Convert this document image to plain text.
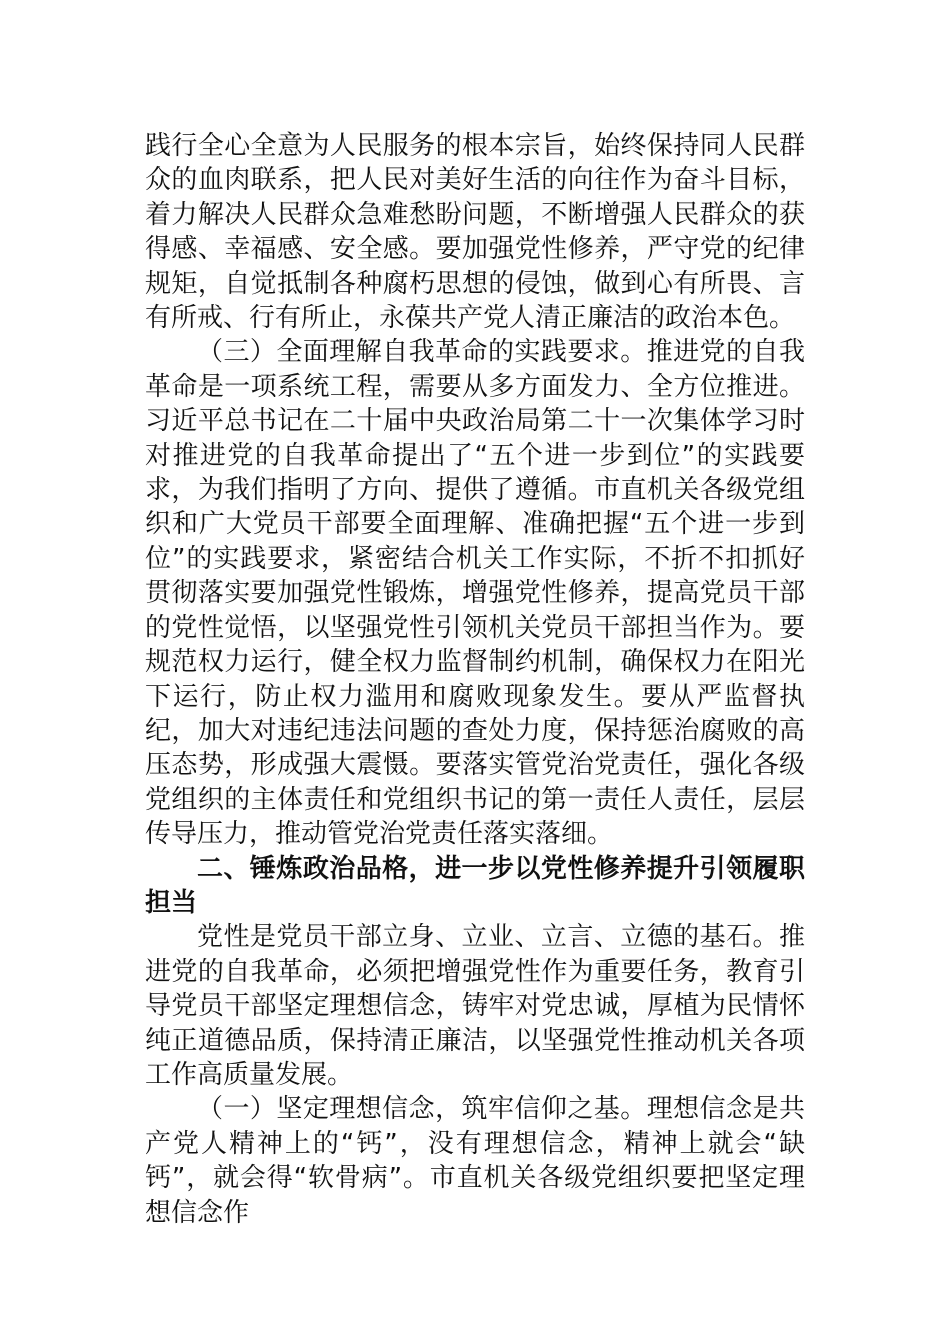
践行全心全意为人民服务的根本宗旨，始终保持同人民群众的血肉联系，把人民对美好生活的向往作为奋斗目标，着力解决人民群众急难愁盼问题，不断增强人民群众的获得感、幸福感、安全感。要加强党性修养，严守党的纪律规矩，自觉抵制各种腐朽思想的侵蚀，做到心有所畏、言有所戒、行有所止，永葆共产党人清正廉洁的政治本色。

（三）全面理解自我革命的实践要求。推进党的自我革命是一项系统工程，需要从多方面发力、全方位推进。习近平总书记在二十届中央政治局第二十一次集体学习时对推进党的自我革命提出了“五个进一步到位”的实践要求，为我们指明了方向、提供了遵循。市直机关各级党组织和广大党员干部要全面理解、准确把握“五个进一步到位”的实践要求，紧密结合机关工作实际，不折不扣抓好贯彻落实要加强党性锻炼，增强党性修养，提高党员干部的党性觉悟，以坚强党性引领机关党员干部担当作为。要规范权力运行，健全权力监督制约机制，确保权力在阳光下运行，防止权力滥用和腐败现象发生。要从严监督执纪，加大对违纪违法问题的查处力度，保持惩治腐败的高压态势，形成强大震慑。要落实管党治党责任，强化各级党组织的主体责任和党组织书记的第一责任人责任，层层传导压力，推动管党治党责任落实落细。

二、锤炼政治品格，进一步以党性修养提升引领履职担当

党性是党员干部立身、立业、立言、立德的基石。推进党的自我革命，必须把增强党性作为重要任务，教育引导党员干部坚定理想信念，铸牢对党忠诚，厚植为民情怀纯正道德品质，保持清正廉洁，以坚强党性推动机关各项工作高质量发展。

（一）坚定理想信念，筑牢信仰之基。理想信念是共产党人精神上的“钙”，没有理想信念，精神上就会“缺钙”，就会得“软骨病”。市直机关各级党组织要把坚定理想信念作
